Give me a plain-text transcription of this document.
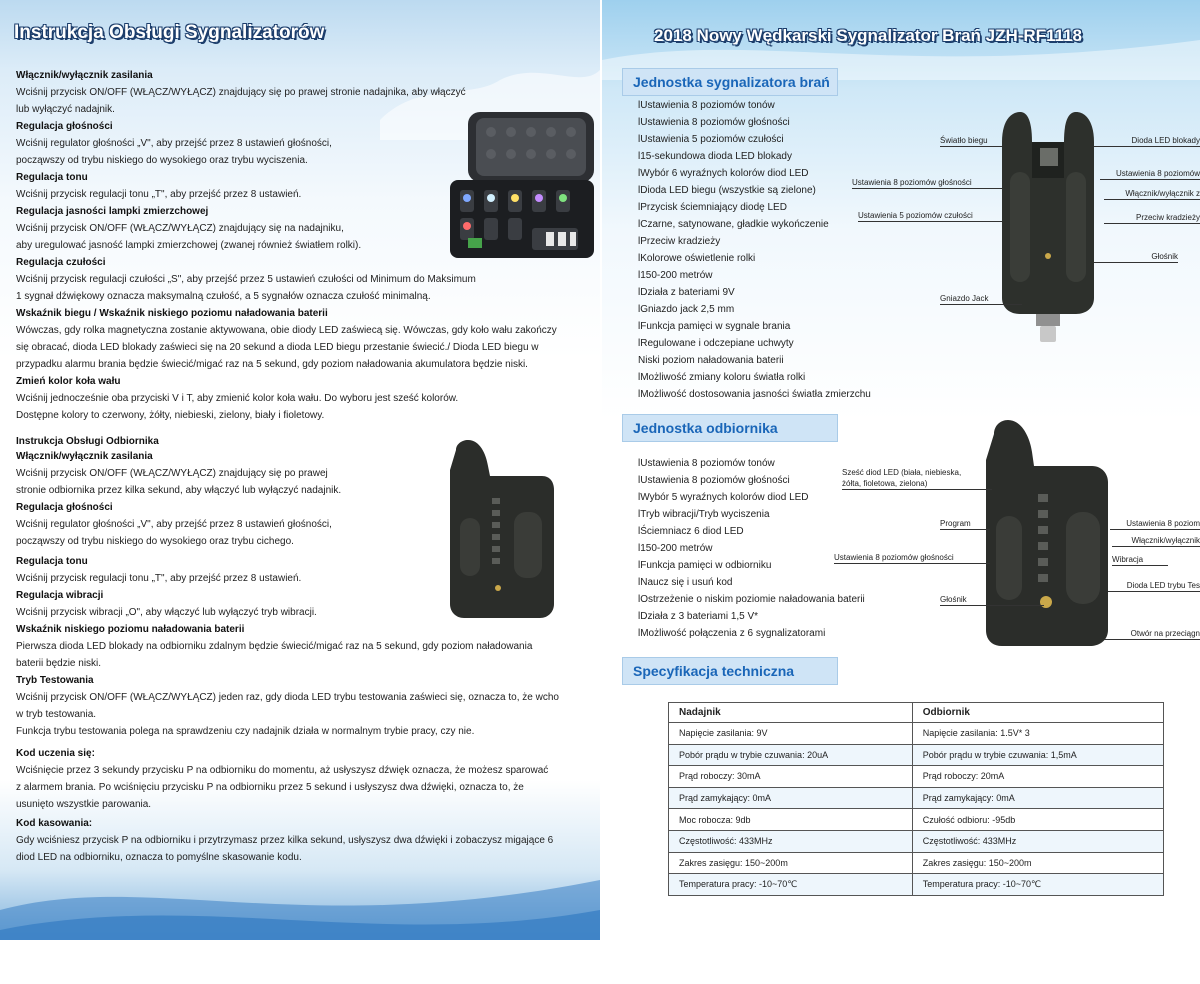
Instrukcja Obsługi Sygnalizatorów
Włącznik/wyłącznik zasilania
Wciśnij przycisk ON/OFF (WŁĄCZ/WYŁĄCZ) znajdujący się po prawej stronie nadajnika, aby włączyć
lub wyłączyć nadajnik.
Regulacja głośności
Wciśnij regulator głośności „V", aby przejść przez 8 ustawień głośności,
począwszy od trybu niskiego do wysokiego oraz trybu wyciszenia.
Regulacja tonu
Wciśnij przycisk regulacji tonu „T", aby przejść przez 8 ustawień.
Regulacja jasności lampki zmierzchowej
Wciśnij przycisk ON/OFF (WŁĄCZ/WYŁĄCZ) znajdujący się na nadajniku,
aby uregulować jasność lampki zmierzchowej (zwanej również światłem rolki).
Regulacja czułości
Wciśnij przycisk regulacji czułości „S", aby przejść przez 5 ustawień czułości od Minimum do Maksimum
1 sygnał dźwiękowy oznacza maksymalną czułość, a 5 sygnałów oznacza czułość minimalną.
Wskaźnik biegu / Wskaźnik niskiego poziomu naładowania baterii
Wówczas, gdy rolka magnetyczna zostanie aktywowana, obie diody LED zaświecą się. Wówczas, gdy koło wału zakończy
się obracać, dioda LED blokady zaświeci się na 20 sekund a dioda LED biegu przestanie świecić./ Dioda LED biegu w
przypadku alarmu brania będzie świecić/migać raz na 5 sekund, gdy poziom naładowania akumulatora będzie niski.
Zmień kolor koła wału
Wciśnij jednocześnie oba przyciski V i T, aby zmienić kolor koła wału. Do wyboru jest sześć kolorów.
Dostępne kolory to czerwony, żółty, niebieski, zielony, biały i fioletowy.
Instrukcja Obsługi Odbiornika
Włącznik/wyłącznik zasilania
Wciśnij przycisk ON/OFF (WŁĄCZ/WYŁĄCZ) znajdujący się po prawej
stronie odbiornika przez kilka sekund, aby włączyć lub wyłączyć nadajnik.
Regulacja głośności
Wciśnij regulator głośności „V", aby przejść przez 8 ustawień głośności,
począwszy od trybu niskiego do wysokiego oraz trybu cichego.
Regulacja tonu
Wciśnij przycisk regulacji tonu „T", aby przejść przez 8 ustawień.
Regulacja wibracji
Wciśnij przycisk wibracji „O", aby włączyć lub wyłączyć tryb wibracji.
Wskaźnik niskiego poziomu naładowania baterii
Pierwsza dioda LED blokady na odbiorniku zdalnym będzie świecić/migać raz na 5 sekund, gdy poziom naładowania
baterii będzie niski.
Tryb Testowania
Wciśnij przycisk ON/OFF (WŁĄCZ/WYŁĄCZ) jeden raz, gdy dioda LED trybu testowania zaświeci się, oznacza to, że wcho
w tryb testowania.
Funkcja trybu testowania polega na sprawdzeniu czy nadajnik działa w normalnym trybie pracy, czy nie.
Kod uczenia się:
Wciśnięcie przez 3 sekundy przycisku P na odbiorniku do momentu, aż usłyszysz dźwięk oznacza, że możesz sparować
z alarmem brania. Po wciśnięciu przycisku P na odbiorniku przez 5 sekund i usłyszysz dwa dźwięki, oznacza to, że
usunięto wszystkie parowania.
Kod kasowania:
Gdy wciśniesz przycisk P na odbiorniku i przytrzymasz przez kilka sekund, usłyszysz dwa dźwięki i zobaczysz migające 6
diod LED na odbiorniku, oznacza to pomyślne skasowanie kodu.
2018 Nowy Wędkarski Sygnalizator Brań JZH-RF1118
Jednostka sygnalizatora brań
Jednostka odbiornika
Specyfikacja techniczna
lUstawienia 8 poziomów tonów
lUstawienia 8 poziomów głośności
lUstawienia 5 poziomów czułości
l15-sekundowa dioda LED blokady
lWybór 6 wyraźnych kolorów diod LED
lDioda LED biegu (wszystkie są zielone)
lPrzycisk ściemniający diodę LED
lCzarne, satynowane, gładkie wykończenie
lPrzeciw kradzieży
lKolorowe oświetlenie rolki
l150-200 metrów
lDziała z bateriami 9V
lGniazdo jack 2,5 mm
lFunkcja pamięci w sygnale brania
lRegulowane i odczepiane uchwyty
Niski poziom naładowania baterii
lMożliwość zmiany koloru światła rolki
lMożliwość dostosowania jasności światła zmierzchu
lUstawienia 8 poziomów tonów
lUstawienia 8 poziomów głośności
lWybór 5 wyraźnych kolorów diod LED
lTryb wibracji/Tryb wyciszenia
lŚciemniacz 6 diod LED
l150-200 metrów
lFunkcja pamięci w odbiorniku
lNaucz się i usuń kod
lOstrzeżenie o niskim poziomie naładowania baterii
lDziała z 3 bateriami 1,5 V*
lMożliwość połączenia z 6 sygnalizatorami
Światło biegu	Dioda LED blokady
Ustawienia 8 poziomów głośności
Ustawienia 8 poziomów
Włącznik/wyłącznik z
Ustawienia 5 poziomów czułości	Przeciw kradzieży
Głośnik
Gniazdo Jack
Sześć diod LED (biała, niebieska,
żółta, fioletowa, zielona)
Program	Ustawienia 8 poziom
Włącznik/wyłącznik
Ustawienia 8 poziomów głośności	Wibracja
Dioda LED trybu Tes
Głośnik
Otwór na przeciągn
Nadajnik	Odbiornik
Napięcie zasilania: 9V	Napięcie zasilania: 1.5V* 3
Pobór prądu w trybie czuwania: 20uA	Pobór prądu w trybie czuwania: 1,5mA
Prąd roboczy: 30mA	Prąd roboczy: 20mA
Prąd zamykający: 0mA	Prąd zamykający: 0mA
Moc robocza: 9db	Czułość odbioru: -95db
Częstotliwość: 433MHz	Częstotliwość: 433MHz
Zakres zasięgu: 150~200m	Zakres zasięgu: 150~200m
Temperatura pracy: -10~70℃	Temperatura pracy: -10~70℃
